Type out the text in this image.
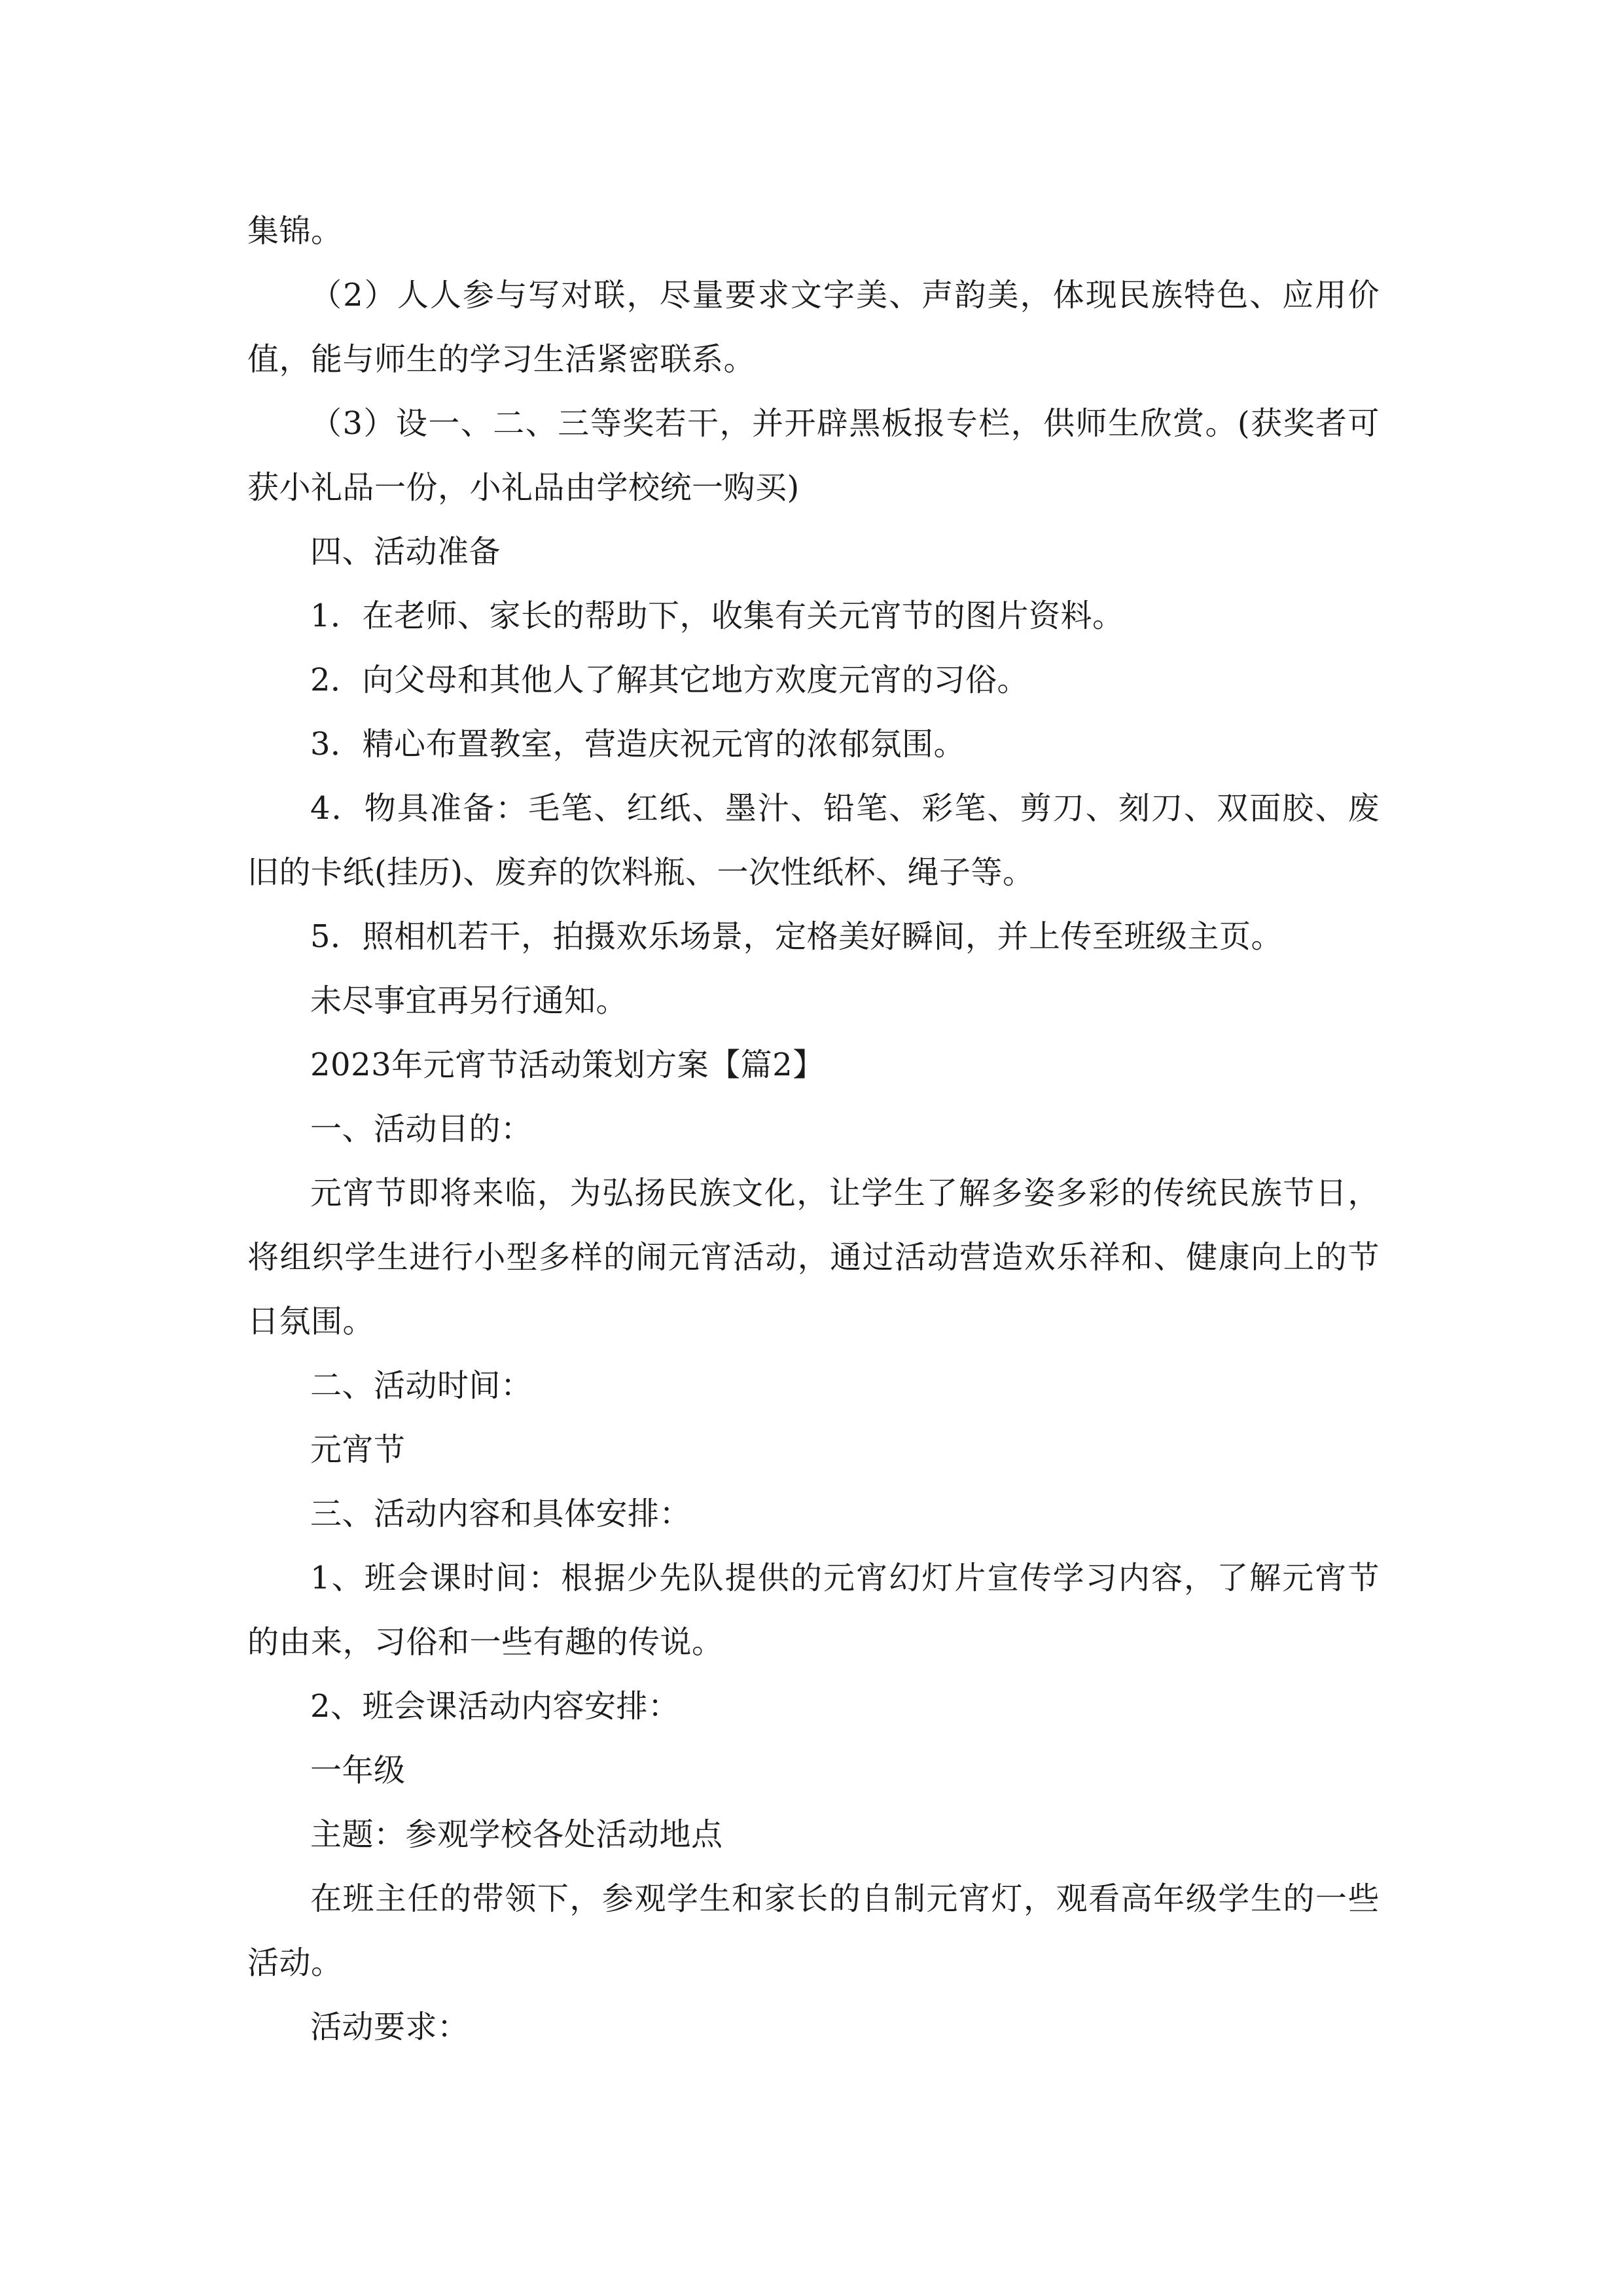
集锦。
（2）人人参与写对联，尽量要求文字美、声韵美，体现民族特色、应用价
值，能与师生的学习生活紧密联系。
（3）设一、二、三等奖若干，并开辟黑板报专栏，供师生欣赏。(获奖者可
获小礼品一份，小礼品由学校统一购买)
四、活动准备
1．在老师、家长的帮助下，收集有关元宵节的图片资料。
2．向父母和其他人了解其它地方欢度元宵的习俗。
3．精心布置教室，营造庆祝元宵的浓郁氛围。
4．物具准备：毛笔、红纸、墨汁、铅笔、彩笔、剪刀、刻刀、双面胶、废
旧的卡纸(挂历)、废弃的饮料瓶、一次性纸杯、绳子等。
5．照相机若干，拍摄欢乐场景，定格美好瞬间，并上传至班级主页。
未尽事宜再另行通知。
2023年元宵节活动策划方案【篇2】
一、活动目的：
元宵节即将来临，为弘扬民族文化，让学生了解多姿多彩的传统民族节日，
将组织学生进行小型多样的闹元宵活动，通过活动营造欢乐祥和、健康向上的节
日氛围。
二、活动时间：
元宵节
三、活动内容和具体安排：
1、班会课时间：根据少先队提供的元宵幻灯片宣传学习内容，了解元宵节
的由来，习俗和一些有趣的传说。
2、班会课活动内容安排：
一年级
主题：参观学校各处活动地点
在班主任的带领下，参观学生和家长的自制元宵灯，观看高年级学生的一些
活动。
活动要求：
